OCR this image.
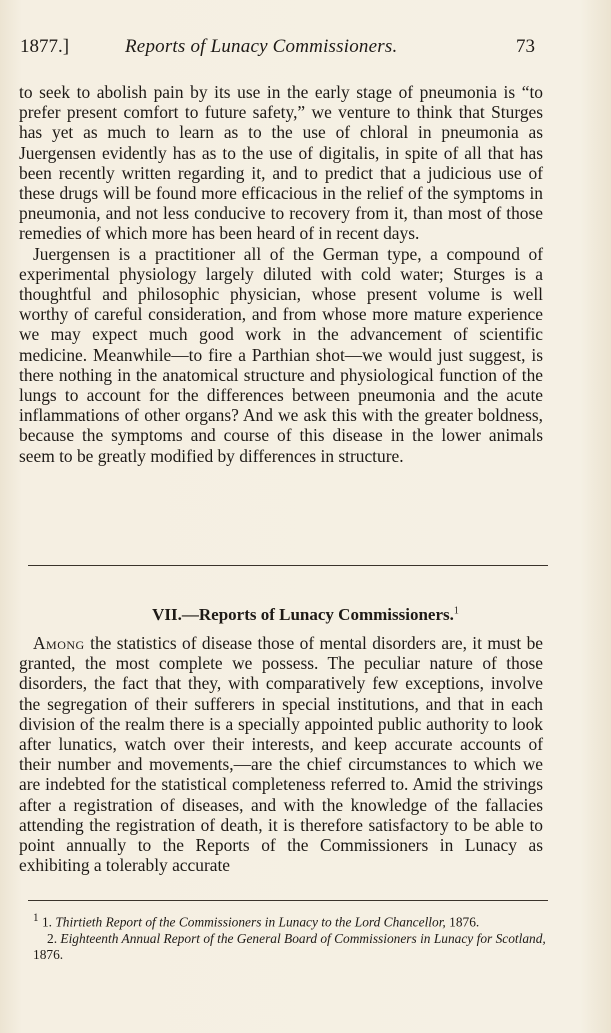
1877.]	Reports of Lunacy Commissioners.	73

to seek to abolish pain by its use in the early stage of pneumonia is “to prefer present comfort to future safety,” we venture to think that Sturges has yet as much to learn as to the use of chloral in pneumonia as Juergensen evidently has as to the use of digitalis, in spite of all that has been recently written regarding it, and to predict that a judicious use of these drugs will be found more efficacious in the relief of the symptoms in pneumonia, and not less conducive to recovery from it, than most of those remedies of which more has been heard of in recent days.

Juergensen is a practitioner all of the German type, a compound of experimental physiology largely diluted with cold water; Sturges is a thoughtful and philosophic physician, whose present volume is well worthy of careful consideration, and from whose more mature experience we may expect much good work in the advancement of scientific medicine. Meanwhile—to fire a Parthian shot—we would just suggest, is there nothing in the anatomical structure and physiological function of the lungs to account for the differences between pneumonia and the acute inflammations of other organs? And we ask this with the greater boldness, because the symptoms and course of this disease in the lower animals seem to be greatly modified by differences in structure.

VII.—Reports of Lunacy Commissioners.$^1$

Among the statistics of disease those of mental disorders are, it must be granted, the most complete we possess. The peculiar nature of those disorders, the fact that they, with comparatively few exceptions, involve the segregation of their sufferers in special institutions, and that in each division of the realm there is a specially appointed public authority to look after lunatics, watch over their interests, and keep accurate accounts of their number and movements,—are the chief circumstances to which we are indebted for the statistical completeness referred to. Amid the strivings after a registration of diseases, and with the knowledge of the fallacies attending the registration of death, it is therefore satisfactory to be able to point annually to the Reports of the Commissioners in Lunacy as exhibiting a tolerably accurate

$^1$ 1. Thirtieth Report of the Commissioners in Lunacy to the Lord Chancellor, 1876.

2. Eighteenth Annual Report of the General Board of Commissioners in Lunacy for Scotland, 1876.
